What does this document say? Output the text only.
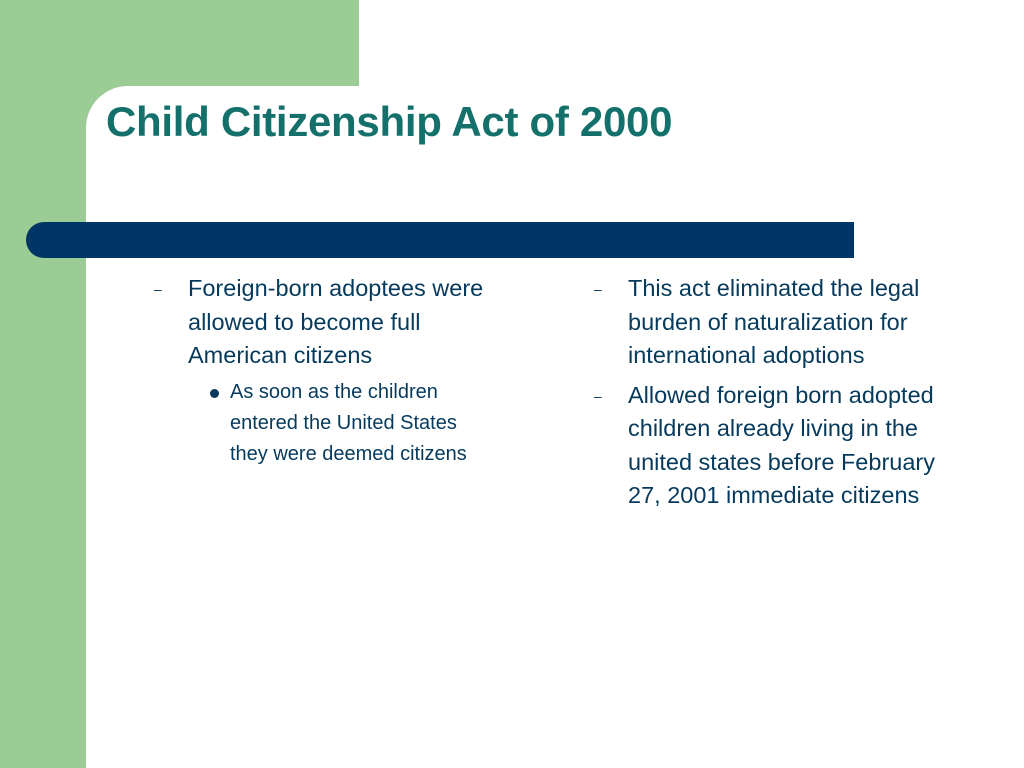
Child Citizenship Act of 2000
–	Foreign-born adoptees were allowed to become full American citizens
As soon as the children entered the United States they were deemed citizens
–	This act eliminated the legal burden of naturalization for international adoptions
–	Allowed foreign born adopted children already living in the united states before February 27, 2001 immediate citizens
